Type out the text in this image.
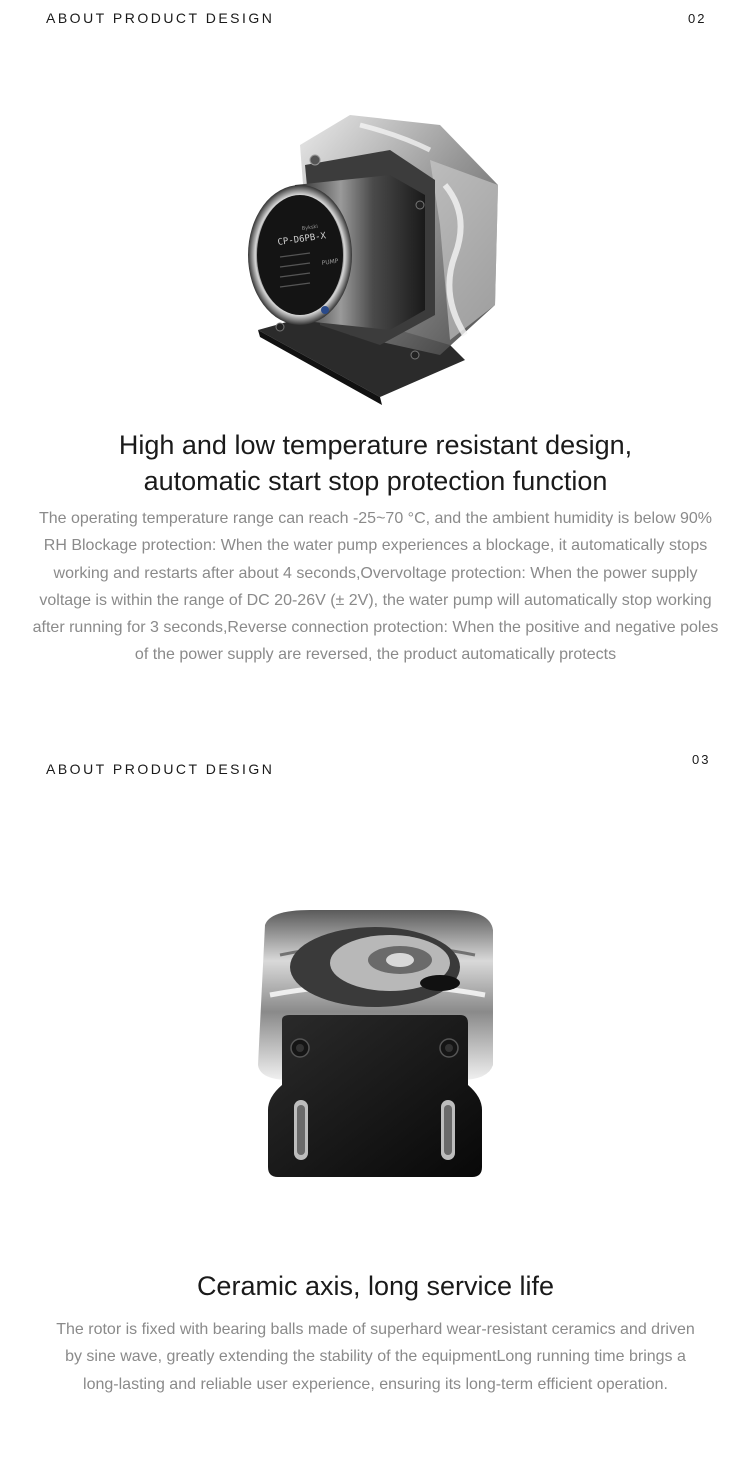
ABOUT PRODUCT DESIGN	02
CP-D6PB-X
Bykski
PUMP
High and low temperature resistant design,
automatic start stop protection function
The operating temperature range can reach -25~70 °C, and the ambient humidity is below 90% RH Blockage protection: When the water pump experiences a blockage, it automatically stops working and restarts after about 4 seconds,Overvoltage protection: When the power supply voltage is within the range of DC 20-26V (± 2V), the water pump will automatically stop working after running for 3 seconds,Reverse connection protection: When the positive and negative poles of the power supply are reversed, the product automatically protects
ABOUT PRODUCT DESIGN
03
Ceramic axis, long service life
The rotor is fixed with bearing balls made of superhard wear-resistant ceramics and driven by sine wave, greatly extending the stability of the equipmentLong running time brings a long-lasting and reliable user experience, ensuring its long-term efficient operation.
